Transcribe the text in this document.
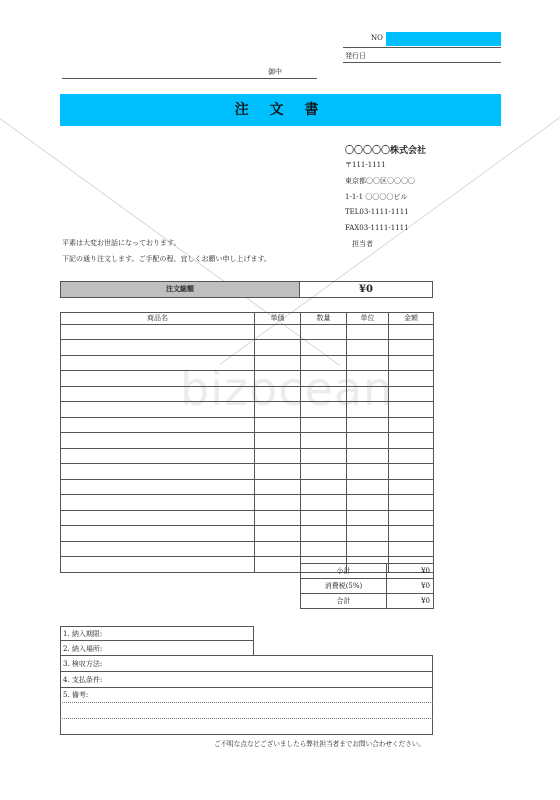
bizocean
NO
発行日
御中
注 文 書
〇〇〇〇〇株式会社
〒111-1111
東京都〇〇区〇〇〇〇
1-1-1 〇〇〇〇ビル
TEL03-1111-1111
FAX03-1111-1111
担当者
平素は大変お世話になっております。
下記の通り注文します。ご手配の程、宜しくお願い申し上げます。
注文総額	¥0
商品名	単価	数量	単位	金額

小計	¥0
消費税(5%)	¥0
合計	¥0
1. 納入期限:
2. 納入場所:
3. 検収方法:
4. 支払条件:
5. 備考:
ご不明な点などございましたら弊社担当者までお問い合わせください。
